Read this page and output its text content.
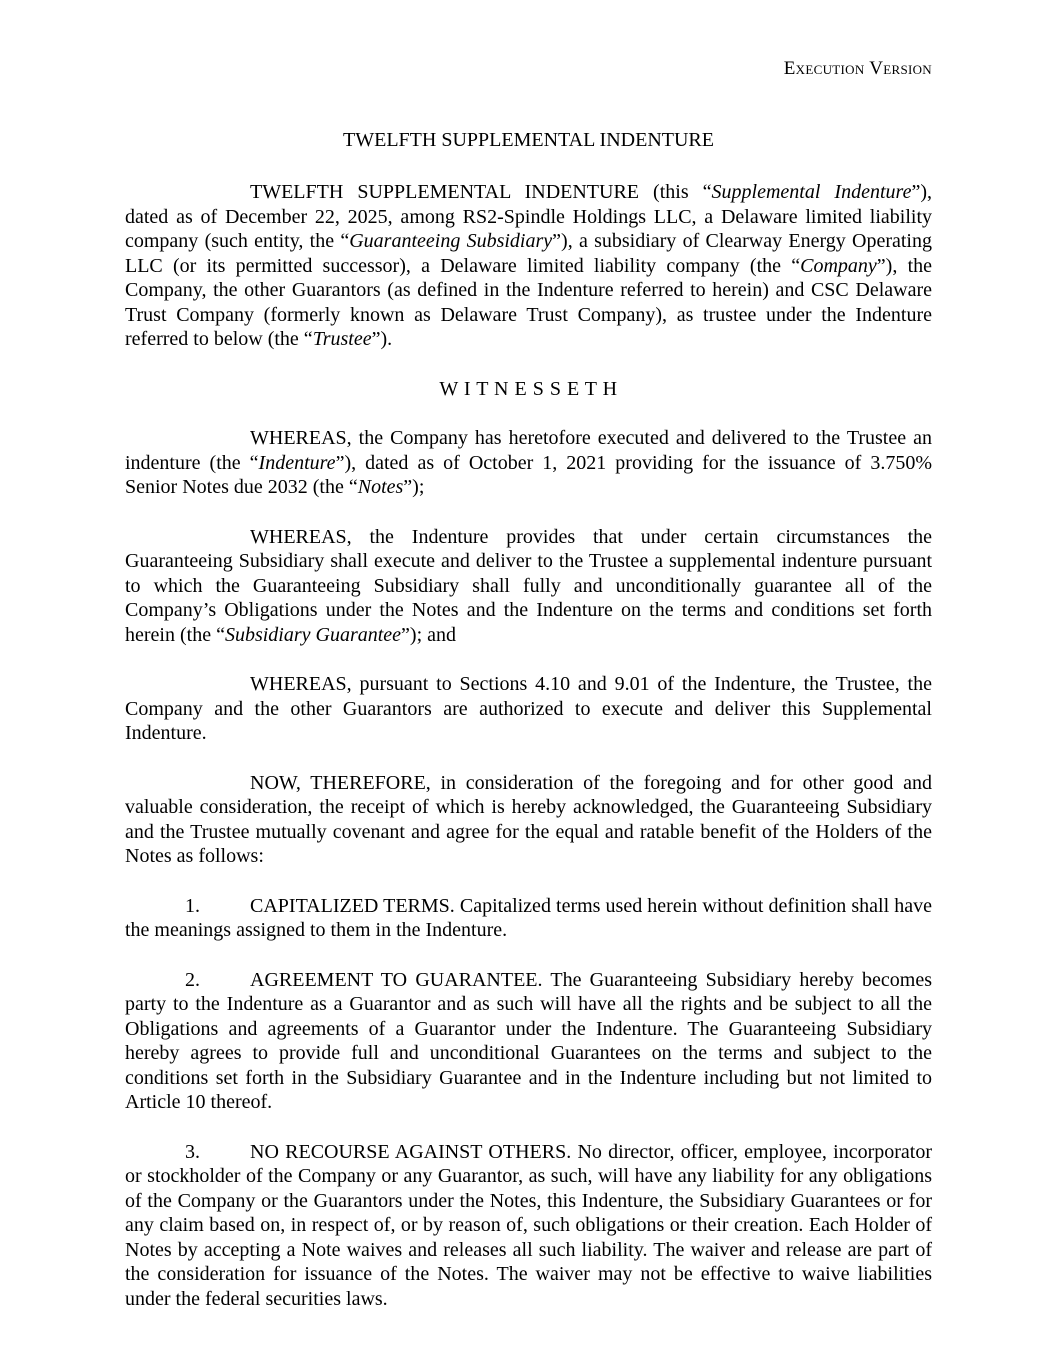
Execution Version
TWELFTH SUPPLEMENTAL INDENTURE

TWELFTH SUPPLEMENTAL INDENTURE (this “Supplemental Indenture”), dated as of December 22, 2025, among RS2-Spindle Holdings LLC, a Delaware limited liability company (such entity, the “Guaranteeing Subsidiary”), a subsidiary of Clearway Energy Operating LLC (or its permitted successor), a Delaware limited liability company (the “Company”), the Company, the other Guarantors (as defined in the Indenture referred to herein) and CSC Delaware Trust Company (formerly known as Delaware Trust Company), as trustee under the Indenture referred to below (the “Trustee”).

W I T N E S S E T H

WHEREAS, the Company has heretofore executed and delivered to the Trustee an indenture (the “Indenture”), dated as of October 1, 2021 providing for the issuance of 3.750% Senior Notes due 2032 (the “Notes”);

WHEREAS, the Indenture provides that under certain circumstances the Guaranteeing Subsidiary shall execute and deliver to the Trustee a supplemental indenture pursuant to which the Guaranteeing Subsidiary shall fully and unconditionally guarantee all of the Company’s Obligations under the Notes and the Indenture on the terms and conditions set forth herein (the “Subsidiary Guarantee”); and

WHEREAS, pursuant to Sections 4.10 and 9.01 of the Indenture, the Trustee, the Company and the other Guarantors are authorized to execute and deliver this Supplemental Indenture.

NOW, THEREFORE, in consideration of the foregoing and for other good and valuable consideration, the receipt of which is hereby acknowledged, the Guaranteeing Subsidiary and the Trustee mutually covenant and agree for the equal and ratable benefit of the Holders of the Notes as follows:

1.	CAPITALIZED TERMS. Capitalized terms used herein without definition shall have the meanings assigned to them in the Indenture.

2.	AGREEMENT TO GUARANTEE. The Guaranteeing Subsidiary hereby becomes party to the Indenture as a Guarantor and as such will have all the rights and be subject to all the Obligations and agreements of a Guarantor under the Indenture. The Guaranteeing Subsidiary hereby agrees to provide full and unconditional Guarantees on the terms and subject to the conditions set forth in the Subsidiary Guarantee and in the Indenture including but not limited to Article 10 thereof.

3.	NO RECOURSE AGAINST OTHERS. No director, officer, employee, incorporator or stockholder of the Company or any Guarantor, as such, will have any liability for any obligations of the Company or the Guarantors under the Notes, this Indenture, the Subsidiary Guarantees or for any claim based on, in respect of, or by reason of, such obligations or their creation. Each Holder of Notes by accepting a Note waives and releases all such liability. The waiver and release are part of the consideration for issuance of the Notes. The waiver may not be effective to waive liabilities under the federal securities laws.
